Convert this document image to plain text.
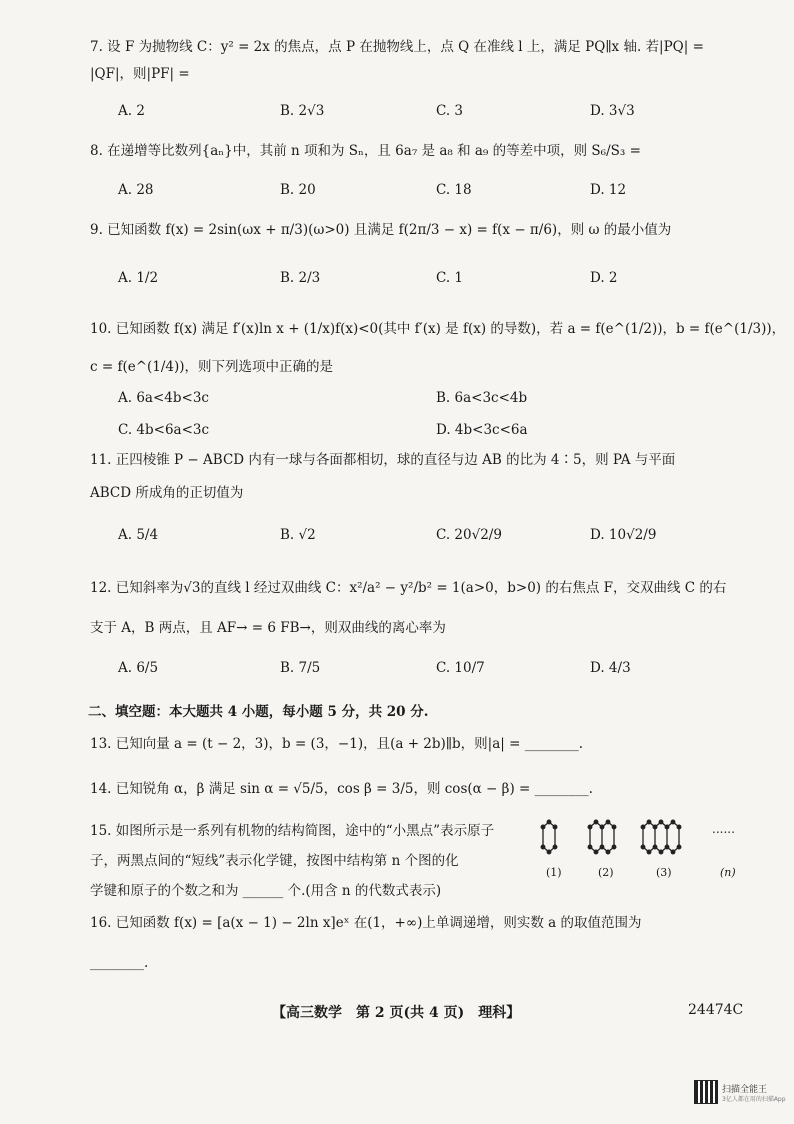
7. 设 F 为抛物线 C：y² = 2x 的焦点，点 P 在抛物线上，点 Q 在准线 l 上，满足 PQ∥x 轴. 若|PQ| =
|QF|，则|PF| =
A. 2	B. 2√3	C. 3	D. 3√3
8. 在递增等比数列{aₙ}中，其前 n 项和为 Sₙ，且 6a₇ 是 a₈ 和 a₉ 的等差中项，则 S₆/S₃ =
A. 28	B. 20	C. 18	D. 12
9. 已知函数 f(x) = 2sin(ωx + π/3)(ω>0) 且满足 f(2π/3 − x) = f(x − π/6)，则 ω 的最小值为
A. 1/2	B. 2/3	C. 1	D. 2
10. 已知函数 f(x) 满足 f′(x)ln x + (1/x)f(x)<0(其中 f′(x) 是 f(x) 的导数)，若 a = f(e^(1/2))，b = f(e^(1/3))，
c = f(e^(1/4))，则下列选项中正确的是
A. 6a<4b<3c	B. 6a<3c<4b
C. 4b<6a<3c	D. 4b<3c<6a
11. 正四棱锥 P − ABCD 内有一球与各面都相切，球的直径与边 AB 的比为 4∶5，则 PA 与平面
ABCD 所成角的正切值为
A. 5/4	B. √2	C. 20√2/9	D. 10√2/9
12. 已知斜率为√3的直线 l 经过双曲线 C：x²/a² − y²/b² = 1(a>0，b>0) 的右焦点 F，交双曲线 C 的右
支于 A，B 两点，且 AF→ = 6 FB→，则双曲线的离心率为
A. 6/5	B. 7/5	C. 10/7	D. 4/3
二、填空题：本大题共 4 小题，每小题 5 分，共 20 分.
13. 已知向量 a = (t − 2，3)，b = (3，−1)，且(a + 2b)∥b，则|a| = ________.
14. 已知锐角 α，β 满足 sin α = √5/5，cos β = 3/5，则 cos(α − β) = ________.
15. 如图所示是一系列有机物的结构简图，途中的“小黑点”表示原子
子，两黑点间的“短线”表示化学键，按图中结构第 n 个图的化
学键和原子的个数之和为 ______ 个.(用含 n 的代数式表示)
16. 已知函数 f(x) = [a(x − 1) − 2ln x]eˣ 在(1，+∞)上单调递增，则实数 a 的取值范围为
________.
......
(1)	(2)	(3)	(n)
【高三数学　第 2 页(共 4 页)　理科】	24474C
扫描全能王
3亿人都在用的扫描App
